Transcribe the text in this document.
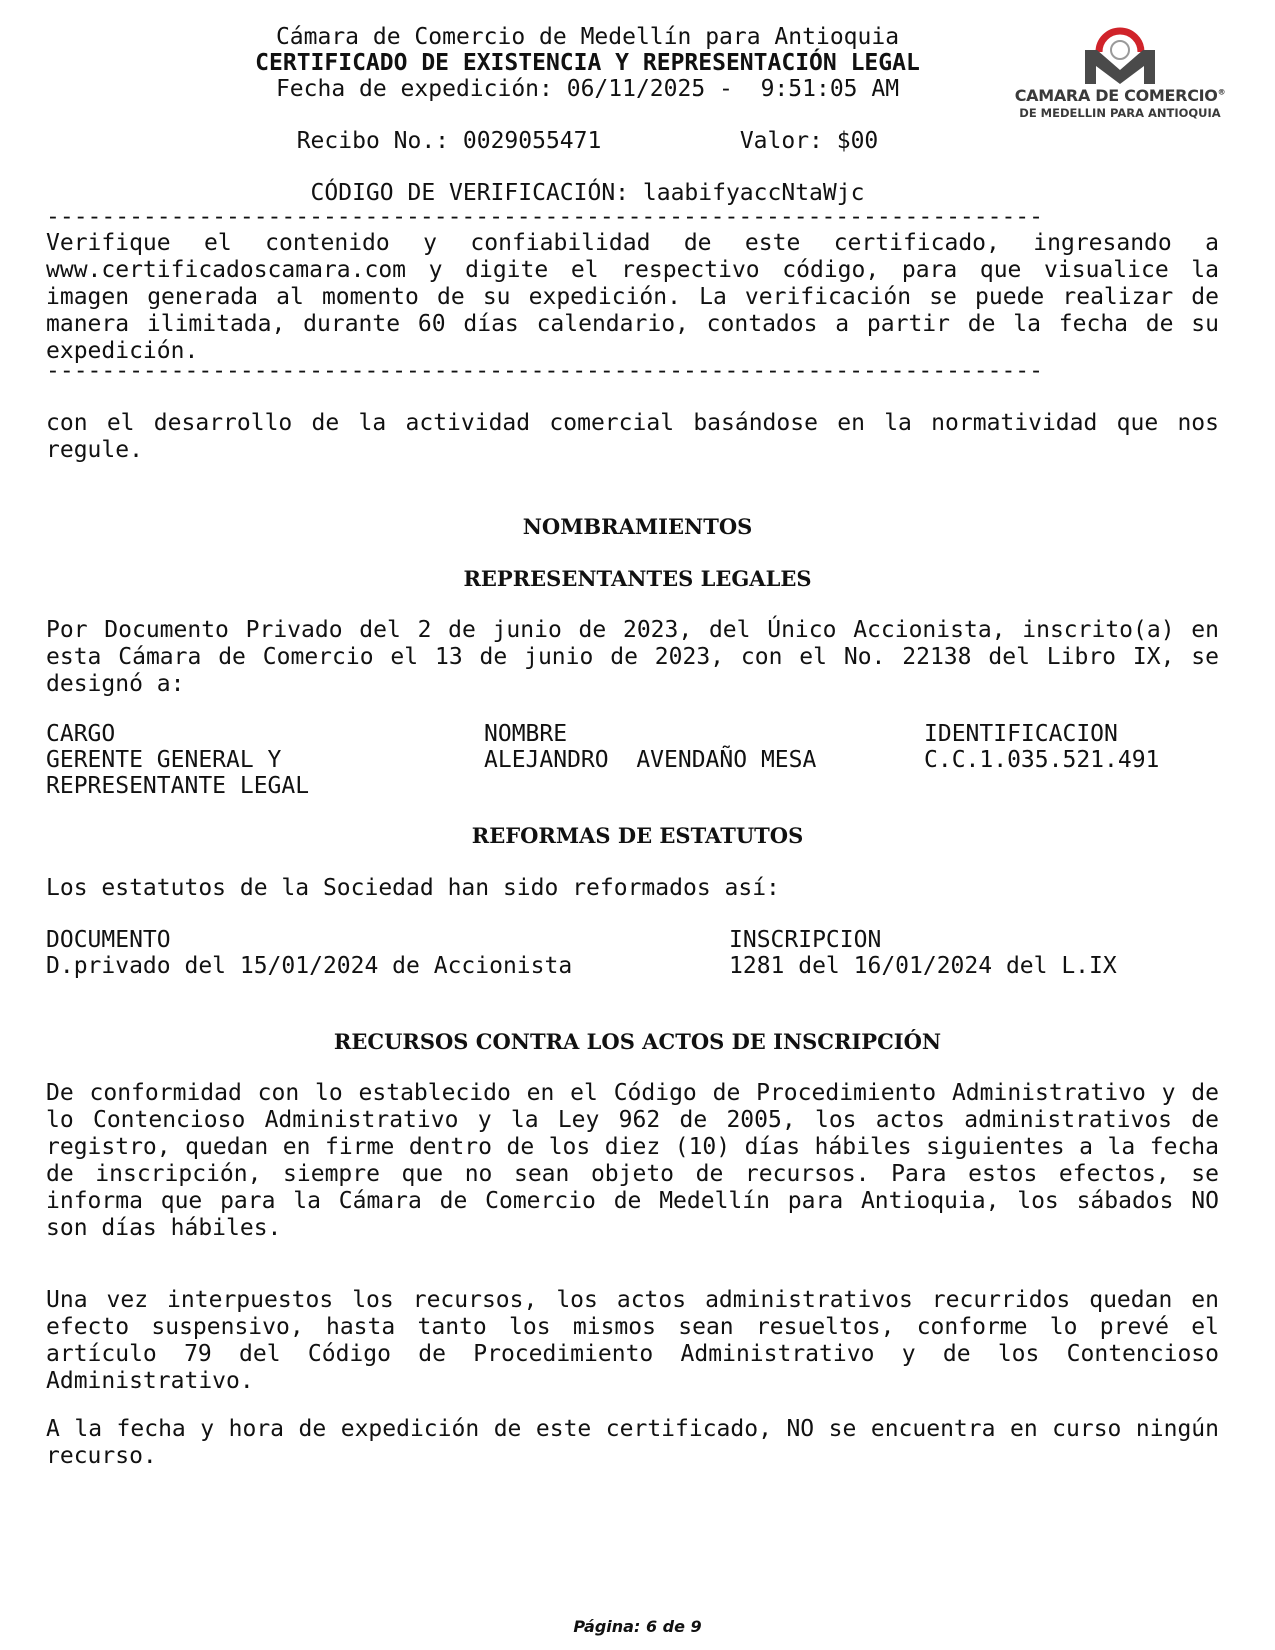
Cámara de Comercio de Medellín para Antioquia
CERTIFICADO DE EXISTENCIA Y REPRESENTACIÓN LEGAL
Fecha de expedición: 06/11/2025 -  9:51:05 AM
Recibo No.: 0029055471          Valor: $00
CÓDIGO DE VERIFICACIÓN: laabifyaccNtaWjc
CAMARA DE COMERCIO®
DE MEDELLIN PARA ANTIOQUIA
------------------------------------------------------------------------
Verifique el contenido y confiabilidad de este certificado, ingresando a www.certificadoscamara.com y digite el respectivo código, para que visualice la imagen generada al momento de su expedición. La verificación se puede realizar de manera ilimitada, durante 60 días calendario, contados a partir de la fecha de su expedición.
------------------------------------------------------------------------
con el desarrollo de la actividad comercial basándose en la normatividad que nos regule.
NOMBRAMIENTOS
REPRESENTANTES LEGALES
Por Documento Privado del 2 de junio de 2023, del Único Accionista, inscrito(a) en esta Cámara de Comercio el 13 de junio de 2023, con el No. 22138 del Libro IX, se designó a:
CARGO	NOMBRE	IDENTIFICACION
GERENTE GENERAL Y
REPRESENTANTE LEGAL
ALEJANDRO  AVENDAÑO MESA	C.C.1.035.521.491
REFORMAS DE ESTATUTOS
Los estatutos de la Sociedad han sido reformados así:
DOCUMENTO	INSCRIPCION
D.privado del 15/01/2024 de Accionista	1281 del 16/01/2024 del L.IX
RECURSOS CONTRA LOS ACTOS DE INSCRIPCIÓN
De conformidad con lo establecido en el Código de Procedimiento Administrativo y de lo Contencioso Administrativo y la Ley 962 de 2005, los actos administrativos de registro, quedan en firme dentro de los diez (10) días hábiles siguientes a la fecha de inscripción, siempre que no sean objeto de recursos. Para estos efectos, se informa que para la Cámara de Comercio de Medellín para Antioquia, los sábados NO son días hábiles.
Una vez interpuestos los recursos, los actos administrativos recurridos quedan en efecto suspensivo, hasta tanto los mismos sean resueltos, conforme lo prevé el artículo 79 del Código de Procedimiento Administrativo y de los Contencioso Administrativo.
A la fecha y hora de expedición de este certificado, NO se encuentra en curso ningún recurso.
Página: 6 de 9
